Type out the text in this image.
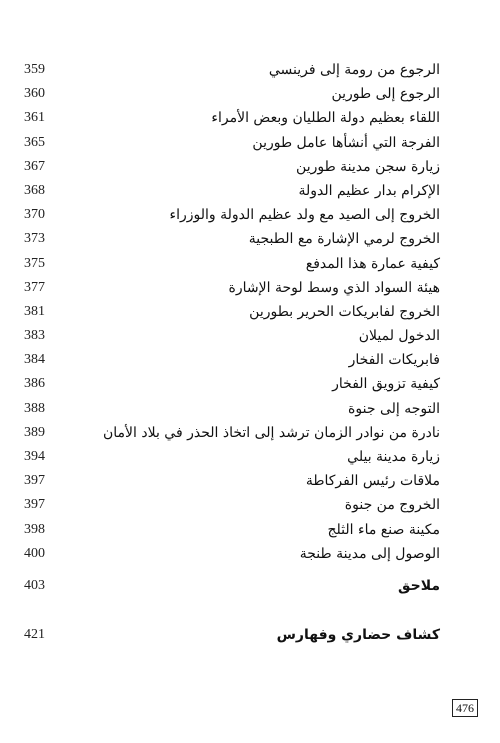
359	الرجوع من رومة إلى فرينسي
360	الرجوع إلى طورين
361	اللقاء بعظيم دولة الطليان وبعض الأمراء
365	الفرجة التي أنشأها عامل طورين
367	زيارة سجن مدينة طورين
368	الإكرام بدار عظيم الدولة
370	الخروج إلى الصيد مع ولد عظيم الدولة والوزراء
373	الخروج لرمي الإشارة مع الطبجية
375	كيفية عمارة هذا المدفع
377	هيئة السواد الذي وسط لوحة الإشارة
381	الخروج لفابريكات الحرير بطورين
383	الدخول لميلان
384	فابريكات الفخار
386	كيفية تزويق الفخار
388	التوجه إلى جنوة
389	نادرة من نوادر الزمان ترشد إلى اتخاذ الحذر في بلاد الأمان
394	زيارة مدينة بيلي
397	ملاقات رئيس الفركاطة
397	الخروج من جنوة
398	مكينة صنع ماء الثلج
400	الوصول إلى مدينة طنجة
403	ملاحق
421	كشاف حضاري وفهارس
476
